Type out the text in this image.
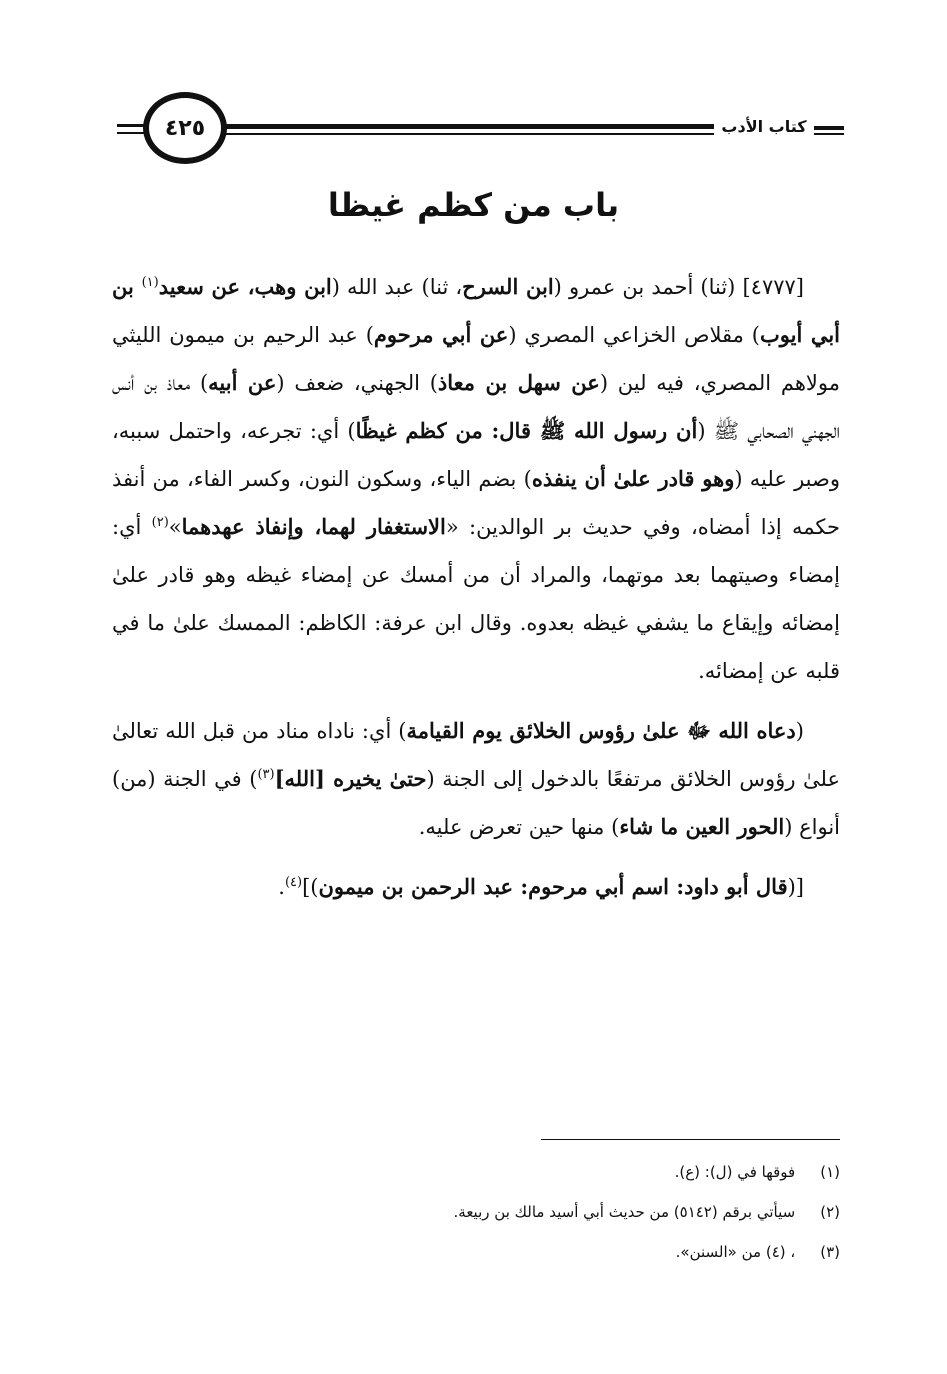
٤٢٥	كتاب الأدب
باب من كظم غيظا

[٤٧٧٧] (ثنا) أحمد بن عمرو (ابن السرح، ثنا) عبد الله (ابن وهب، عن سعيد$^{(١)}$ بن أبي أيوب) مقلاص الخزاعي المصري (عن أبي مرحوم) عبد الرحيم بن ميمون الليثي مولاهم المصري، فيه لين (عن سهل بن معاذ) الجهني، ضعف (عن أبيه) معاذ بن أنس الجهني الصحابي ﷺ (أن رسول الله ﷺ قال: من كظم غيظًا) أي: تجرعه، واحتمل سببه، وصبر عليه (وهو قادر علىٰ أن ينفذه) بضم الياء، وسكون النون، وكسر الفاء، من أنفذ حكمه إذا أمضاه، وفي حديث بر الوالدين: «الاستغفار لهما، وإنفاذ عهدهما»$^{(٢)}$ أي: إمضاء وصيتهما بعد موتهما، والمراد أن من أمسك عن إمضاء غيظه وهو قادر علىٰ إمضائه وإيقاع ما يشفي غيظه بعدوه. وقال ابن عرفة: الكاظم: الممسك علىٰ ما في قلبه عن إمضائه.

(دعاه الله ﷻ علىٰ رؤوس الخلائق يوم القيامة) أي: ناداه مناد من قبل الله تعالىٰ علىٰ رؤوس الخلائق مرتفعًا بالدخول إلى الجنة (حتىٰ يخيره [الله]$^{(٣)}$) في الجنة (من) أنواع (الحور العين ما شاء) منها حين تعرض عليه.

[(قال أبو داود: اسم أبي مرحوم: عبد الرحمن بن ميمون)]$^{(٤)}$.

(١) فوقها في (ل): (ع).
(٢) سيأتي برقم (٥١٤٢) من حديث أبي أسيد مالك بن ربيعة.
(٣) ، (٤) من «السنن».
